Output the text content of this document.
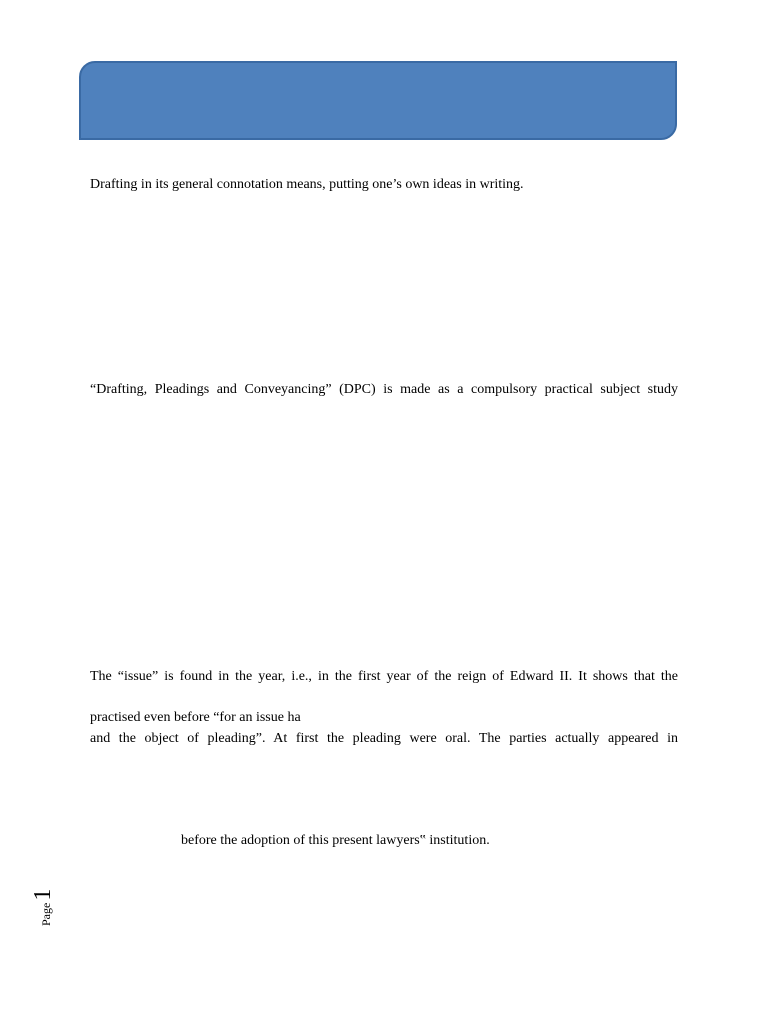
Drafting in its general connotation means, putting one’s own ideas in writing.
“Drafting, Pleadings and Conveyancing” (DPC) is made as a compulsory practical subject study
The “issue” is found in the year, i.e., in the first year of the reign of Edward II. It shows that the
practised even before “for an issue ha
and the object of pleading”. At first the pleading were oral. The parties actually appeared in
before the adoption of this present lawyers‟ institution.
Page1
